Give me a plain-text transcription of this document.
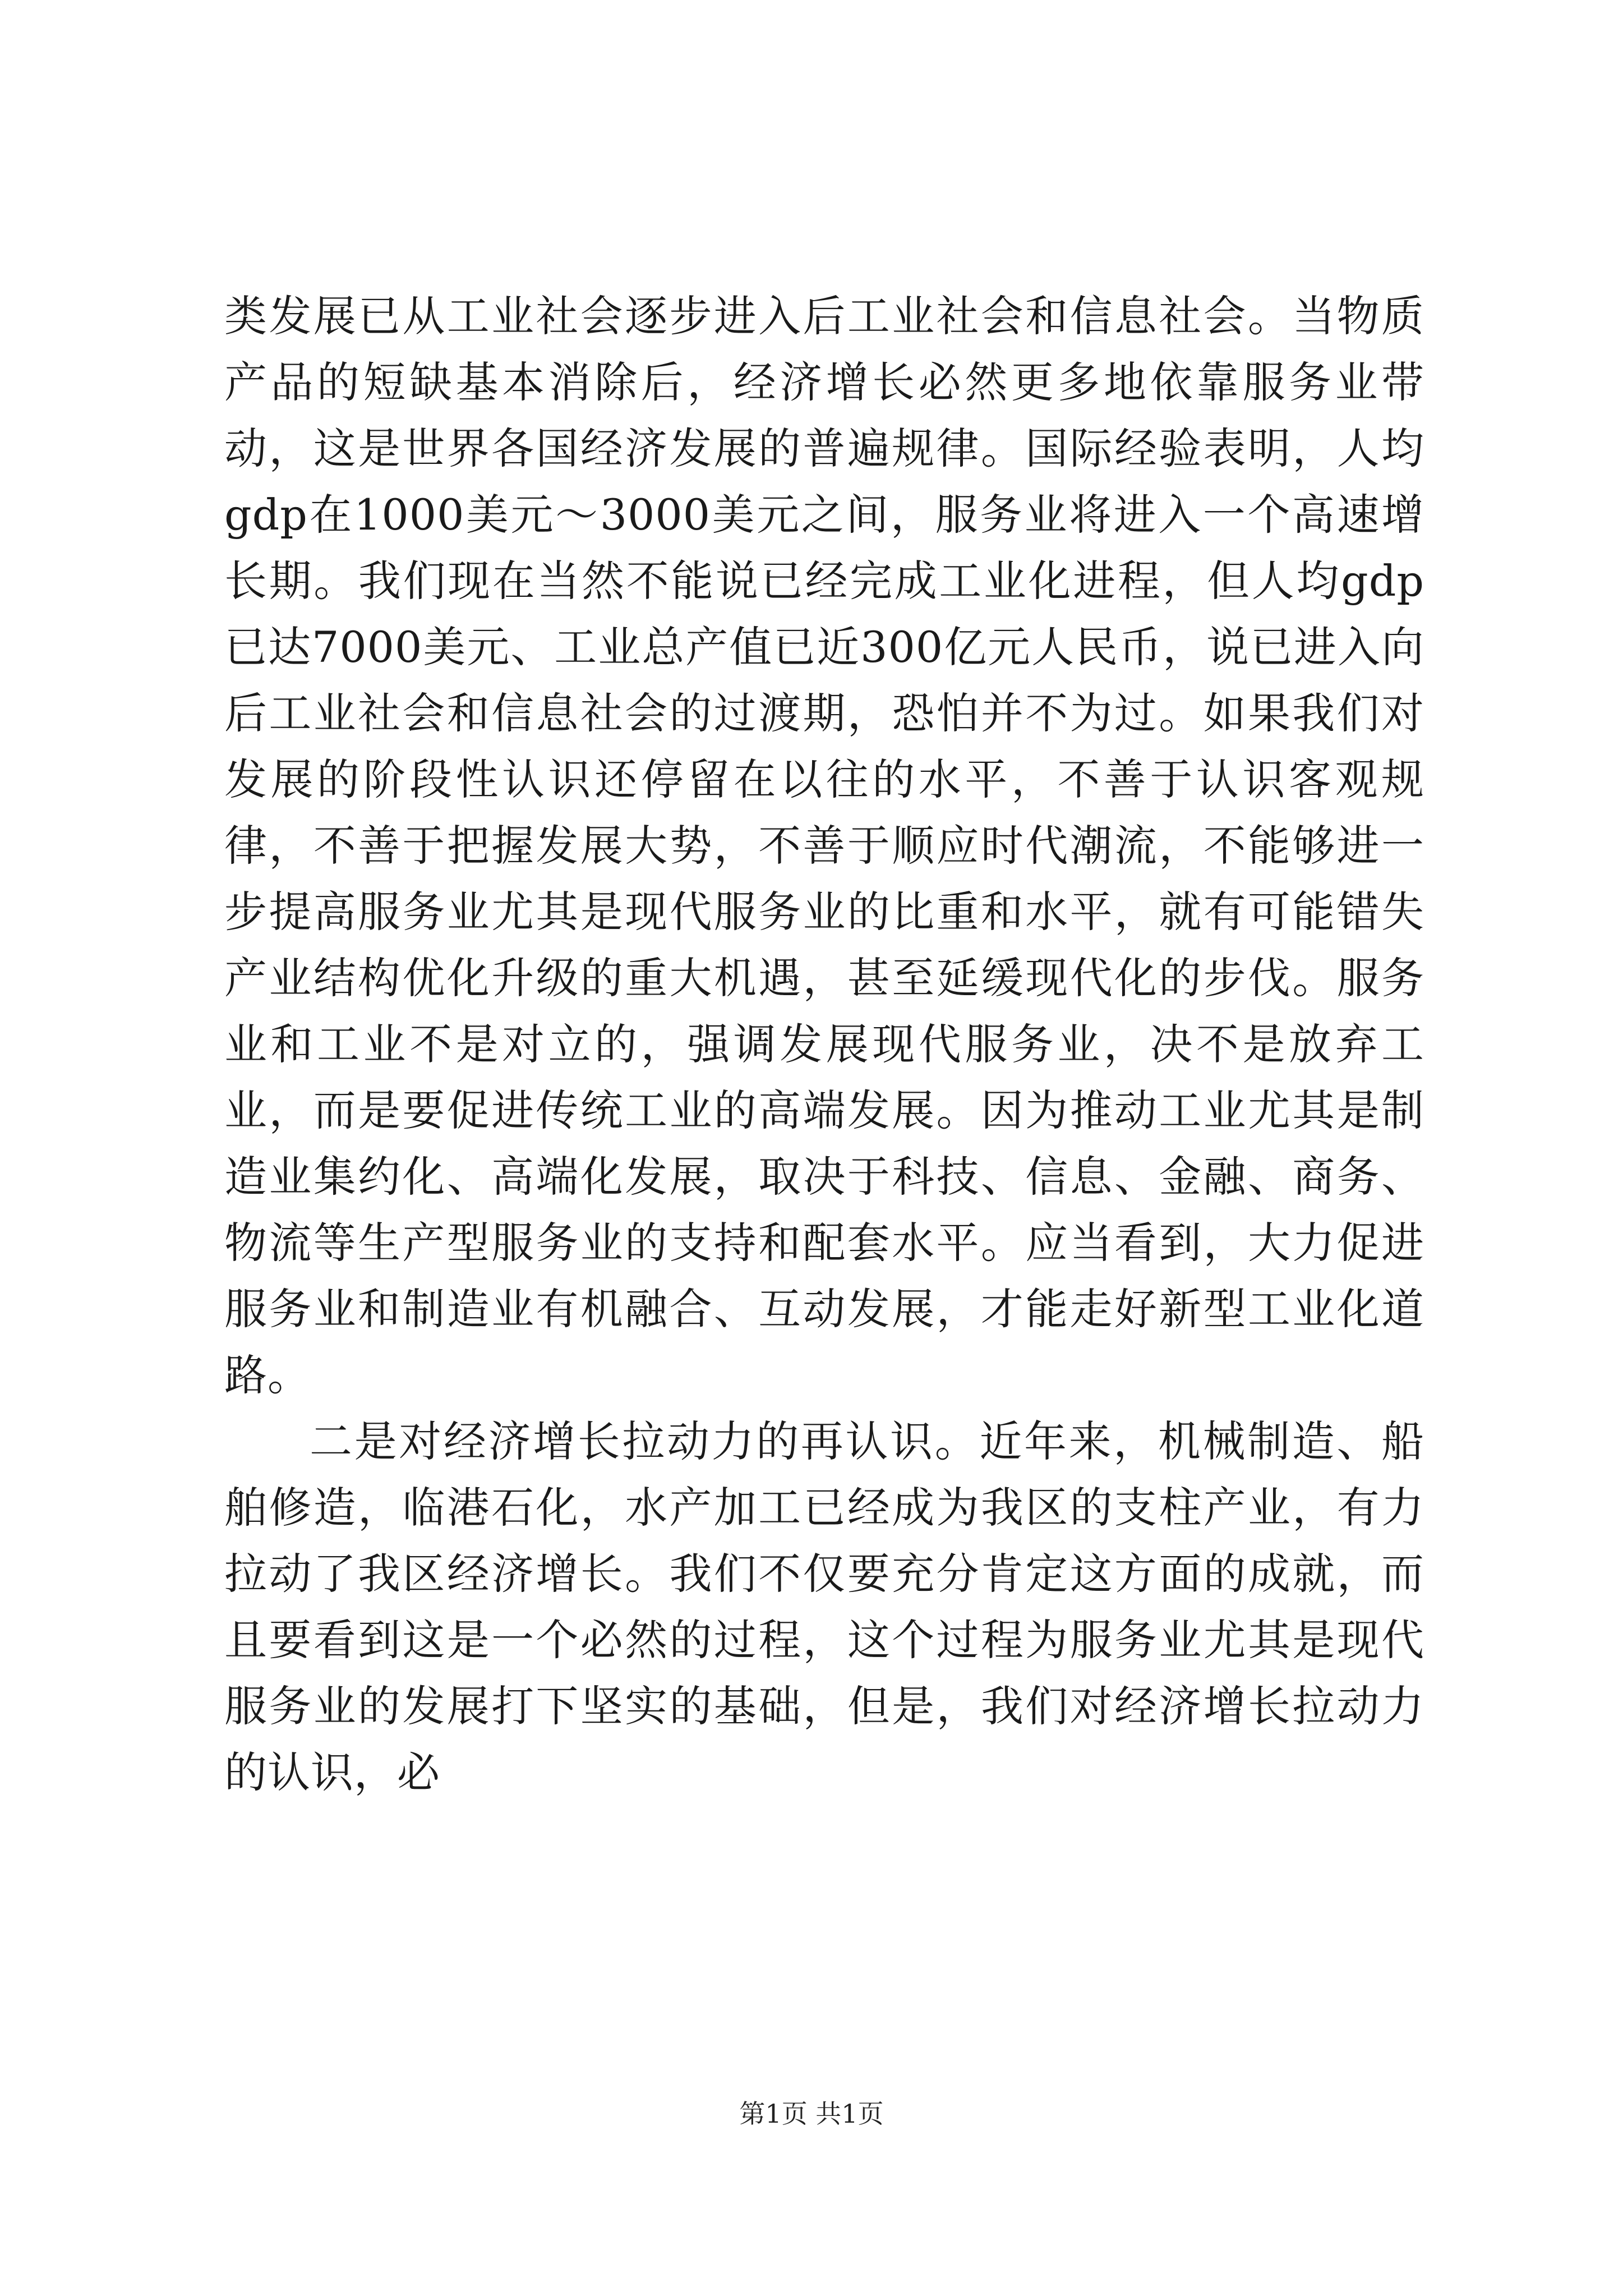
类发展已从工业社会逐步进入后工业社会和信息社会。当物质产品的短缺基本消除后，经济增长必然更多地依靠服务业带动，这是世界各国经济发展的普遍规律。国际经验表明，人均gdp在1000美元～3000美元之间，服务业将进入一个高速增长期。我们现在当然不能说已经完成工业化进程，但人均gdp已达7000美元、工业总产值已近300亿元人民币，说已进入向后工业社会和信息社会的过渡期，恐怕并不为过。如果我们对发展的阶段性认识还停留在以往的水平，不善于认识客观规律，不善于把握发展大势，不善于顺应时代潮流，不能够进一步提高服务业尤其是现代服务业的比重和水平，就有可能错失产业结构优化升级的重大机遇，甚至延缓现代化的步伐。服务业和工业不是对立的，强调发展现代服务业，决不是放弃工业，而是要促进传统工业的高端发展。因为推动工业尤其是制造业集约化、高端化发展，取决于科技、信息、金融、商务、物流等生产型服务业的支持和配套水平。应当看到，大力促进服务业和制造业有机融合、互动发展，才能走好新型工业化道路。

二是对经济增长拉动力的再认识。近年来，机械制造、船舶修造，临港石化，水产加工已经成为我区的支柱产业，有力拉动了我区经济增长。我们不仅要充分肯定这方面的成就，而且要看到这是一个必然的过程，这个过程为服务业尤其是现代服务业的发展打下坚实的基础，但是，我们对经济增长拉动力的认识，必

第1页 共1页
